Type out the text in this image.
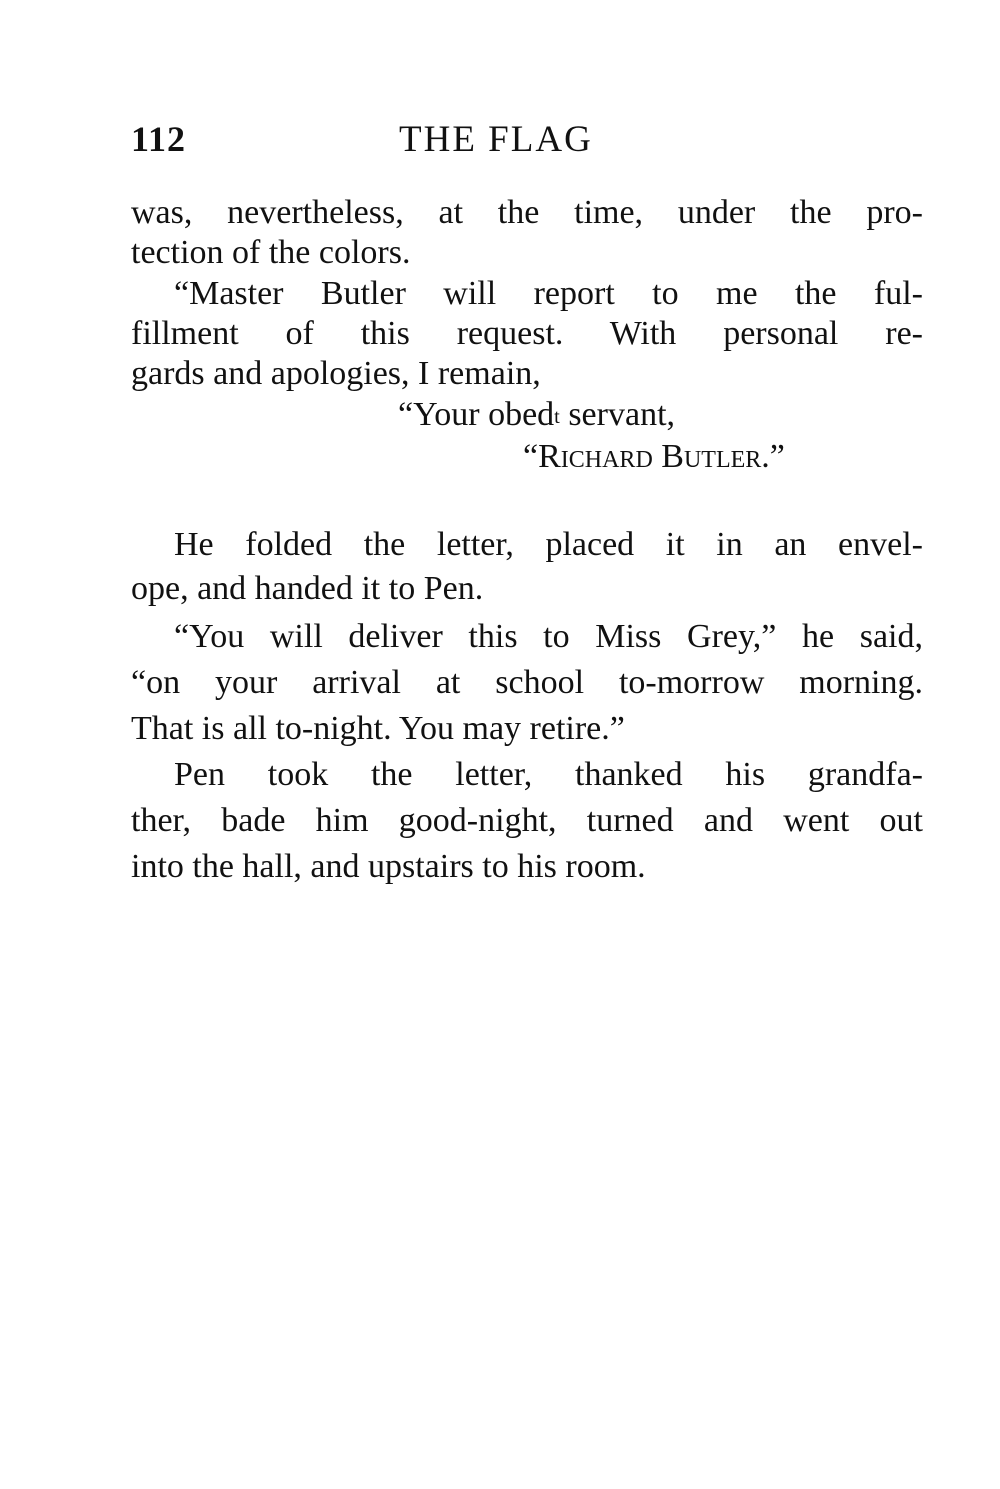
112	THE FLAG
was, nevertheless, at the time, under the pro-
tection of the colors.
“Master Butler will report to me the ful-
fillment of this request. With personal re-
gards and apologies, I remain,
“Your obed$^t$ servant,
“Richard Butler.”
He folded the letter, placed it in an envel-
ope, and handed it to Pen.
“You will deliver this to Miss Grey,” he said,
“on your arrival at school to-morrow morning.
That is all to-night. You may retire.”
Pen took the letter, thanked his grandfa-
ther, bade him good-night, turned and went out
into the hall, and upstairs to his room.
